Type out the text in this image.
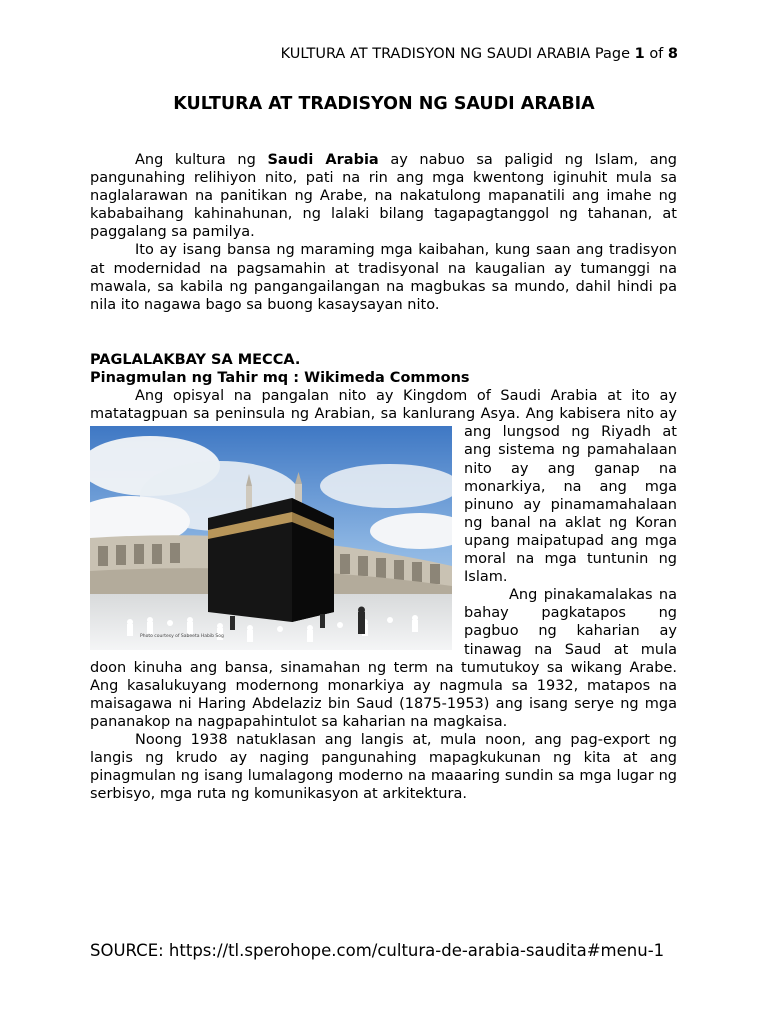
KULTURA AT TRADISYON NG SAUDI ARABIA Page 1 of 8
KULTURA AT TRADISYON NG SAUDI ARABIA

Ang kultura ng Saudi Arabia ay nabuo sa paligid ng Islam, ang pangunahing relihiyon nito, pati na rin ang mga kwentong iginuhit mula sa naglalarawan na panitikan ng Arabe, na nakatulong mapanatili ang imahe ng kababaihang kahinahunan, ng lalaki bilang tagapagtanggol ng tahanan, at paggalang sa pamilya.

Ito ay isang bansa ng maraming mga kaibahan, kung saan ang tradisyon at modernidad na pagsamahin at tradisyonal na kaugalian ay tumanggi na mawala, sa kabila ng pangangailangan na magbukas sa mundo, dahil hindi pa nila ito nagawa bago sa buong kasaysayan nito.

PAGLALAKBAY SA MECCA.

Pinagmulan ng Tahir mq : Wikimeda Commons

Ang opisyal na pangalan nito ay Kingdom of Saudi Arabia at ito ay matatagpuan sa peninsula ng Arabian, sa kanlurang Asya. Ang kabisera nito
Photo courtesy of Sabeeta Habib Sog
ay ang lungsod ng Riyadh at ang sistema ng pamahalaan nito ay ang ganap na monarkiya, na ang mga pinuno ay pinamamahalaan ng banal na aklat ng Koran upang maipatupad ang mga moral na mga tuntunin ng Islam.

Ang pinakamalakas na bahay pagkatapos ng pagbuo ng kaharian ay tinawag na Saud at mula doon kinuha ang bansa, sinamahan ng term na tumutukoy sa wikang Arabe. Ang kasalukuyang modernong monarkiya ay nagmula sa 1932, matapos na maisagawa ni Haring Abdelaziz bin Saud (1875-1953) ang isang serye ng mga pananakop na nagpapahintulot sa kaharian na magkaisa.

Noong 1938 natuklasan ang langis at, mula noon, ang pag-export ng langis ng krudo ay naging pangunahing mapagkukunan ng kita at ang pinagmulan ng isang lumalagong moderno na maaaring sundin sa mga lugar ng serbisyo, mga ruta ng komunikasyon at arkitektura.

SOURCE: https://tl.sperohope.com/cultura-de-arabia-saudita#menu-1
